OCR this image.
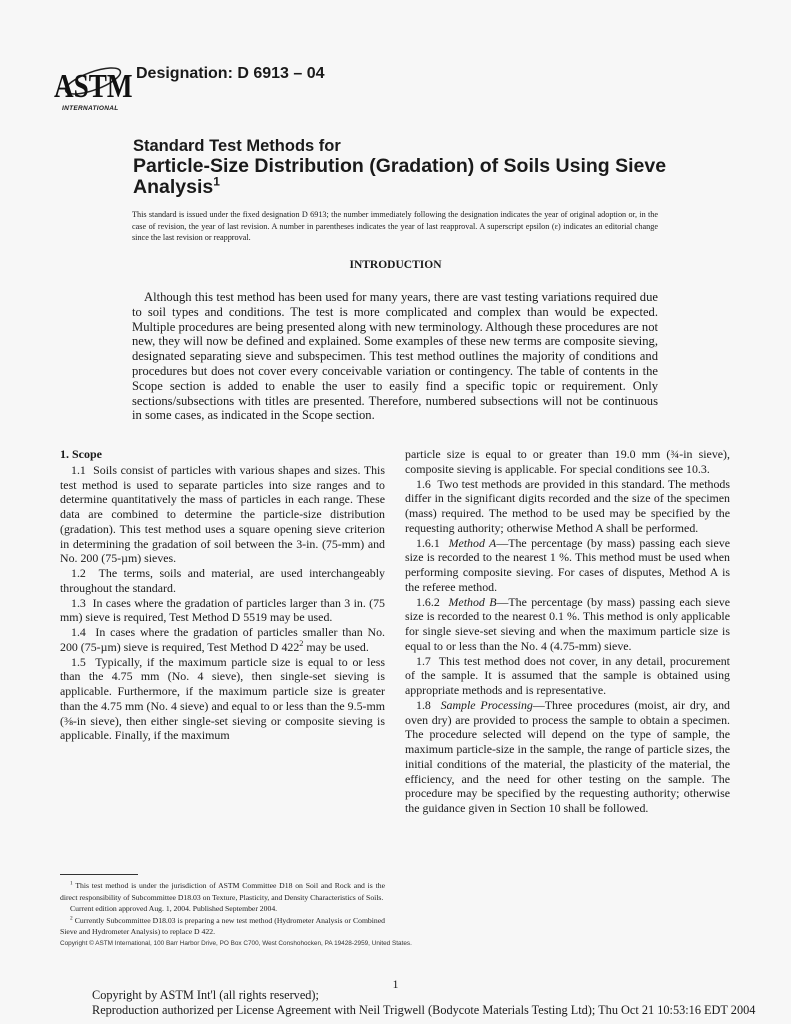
ASTM
INTERNATIONAL
Designation: D 6913 – 04
Standard Test Methods for
Particle-Size Distribution (Gradation) of Soils Using Sieve
Analysis$^1$
This standard is issued under the fixed designation D 6913; the number immediately following the designation indicates the year of original adoption or, in the case of revision, the year of last revision. A number in parentheses indicates the year of last reapproval. A superscript epsilon (ε) indicates an editorial change since the last revision or reapproval.
INTRODUCTION
Although this test method has been used for many years, there are vast testing variations required due to soil types and conditions. The test is more complicated and complex than would be expected. Multiple procedures are being presented along with new terminology. Although these procedures are not new, they will now be defined and explained. Some examples of these new terms are composite sieving, designated separating sieve and subspecimen. This test method outlines the majority of conditions and procedures but does not cover every conceivable variation or contingency. The table of contents in the Scope section is added to enable the user to easily find a specific topic or requirement. Only sections/subsections with titles are presented. Therefore, numbered subsections will not be continuous in some cases, as indicated in the Scope section.
1. Scope

1.1 Soils consist of particles with various shapes and sizes. This test method is used to separate particles into size ranges and to determine quantitatively the mass of particles in each range. These data are combined to determine the particle-size distribution (gradation). This test method uses a square opening sieve criterion in determining the gradation of soil between the 3-in. (75-mm) and No. 200 (75-µm) sieves.

1.2 The terms, soils and material, are used interchangeably throughout the standard.

1.3 In cases where the gradation of particles larger than 3 in. (75 mm) sieve is required, Test Method D 5519 may be used.

1.4 In cases where the gradation of particles smaller than No. 200 (75-µm) sieve is required, Test Method D $422^2$ may be used.

1.5 Typically, if the maximum particle size is equal to or less than the 4.75 mm (No. 4 sieve), then single-set sieving is applicable. Furthermore, if the maximum particle size is greater than the 4.75 mm (No. 4 sieve) and equal to or less than the 9.5-mm (⅜-in sieve), then either single-set sieving or composite sieving is applicable. Finally, if the maximum

$^1$ This test method is under the jurisdiction of ASTM Committee D18 on Soil and Rock and is the direct responsibility of Subcommittee D18.03 on Texture, Plasticity, and Density Characteristics of Soils.

Current edition approved Aug. 1, 2004. Published September 2004.

$^2$ Currently Subcommittee D18.03 is preparing a new test method (Hydrometer Analysis or Combined Sieve and Hydrometer Analysis) to replace D 422.

particle size is equal to or greater than 19.0 mm (¾-in sieve), composite sieving is applicable. For special conditions see 10.3.

1.6 Two test methods are provided in this standard. The methods differ in the significant digits recorded and the size of the specimen (mass) required. The method to be used may be specified by the requesting authority; otherwise Method A shall be performed.

1.6.1 Method A—The percentage (by mass) passing each sieve size is recorded to the nearest 1 %. This method must be used when performing composite sieving. For cases of disputes, Method A is the referee method.

1.6.2 Method B—The percentage (by mass) passing each sieve size is recorded to the nearest 0.1 %. This method is only applicable for single sieve-set sieving and when the maximum particle size is equal to or less than the No. 4 (4.75-mm) sieve.

1.7 This test method does not cover, in any detail, procurement of the sample. It is assumed that the sample is obtained using appropriate methods and is representative.

1.8 Sample Processing—Three procedures (moist, air dry, and oven dry) are provided to process the sample to obtain a specimen. The procedure selected will depend on the type of sample, the maximum particle-size in the sample, the range of particle sizes, the initial conditions of the material, the plasticity of the material, the efficiency, and the need for other testing on the sample. The procedure may be specified by the requesting authority; otherwise the guidance given in Section 10 shall be followed.

Copyright © ASTM International, 100 Barr Harbor Drive, PO Box C700, West Conshohocken, PA 19428-2959, United States.
1
Copyright by ASTM Int'l (all rights reserved);
Reproduction authorized per License Agreement with Neil Trigwell (Bodycote Materials Testing Ltd); Thu Oct 21 10:53:16 EDT 2004
